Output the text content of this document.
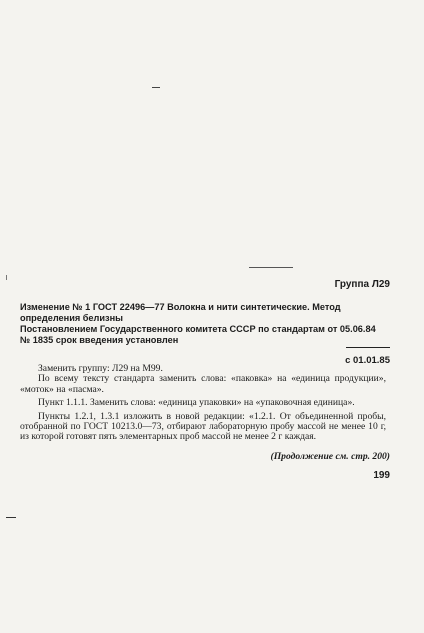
Группа Л29
Изменение № 1 ГОСТ 22496—77 Волокна и нити синтетические. Метод определения белизны
Постановлением Государственного комитета СССР по стандартам от 05.06.84 № 1835 срок введения установлен
с 01.01.85

Заменить группу: Л29 на М99.

По всему тексту стандарта заменить слова: «паковка» на «единица продукции», «моток» на «пасма».

Пункт 1.1.1. Заменить слова: «единица упаковки» на «упаковочная единица».

Пункты 1.2.1, 1.3.1 изложить в новой редакции: «1.2.1. От объединенной пробы, отобранной по ГОСТ 10213.0—73, отбирают лабораторную пробу массой не менее 10 г, из которой готовят пять элементарных проб массой не менее 2 г каждая.

(Продолжение см. стр. 200)
199
